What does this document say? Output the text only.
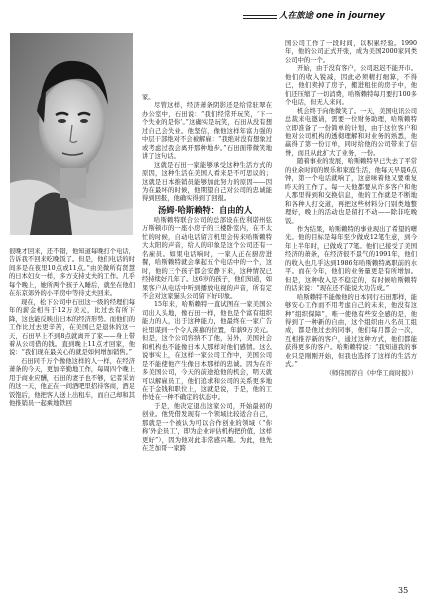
人在旅途 one in journey

很晚才回来，还不错，他知道每晚打个电话，告诉我不回来吃晚饭了。但是，他们电话的时间多是在夜里10点或11点。”由美微所有贤慧的日本妇女一样，多方支持丈夫的工作。几乎每个晚上，她所两个孩子入睡后，就坐在他们在东京郊外的小平房中等待丈夫回来。

现在，松下公司中石田这一级的经理们每年的薪金相当于12万美元，比过去有所下降，这也能反映出日本的经济形势。而他们的工作比过去更辛苦，在美国已是退休的这一天，石田早上不到8点就离开了家——身上带着从公司借的钱。直到晚上11点才回家，他说：“我们现在最关心的就是如何增加销售。”

石田同千万个像他这样的人一样，在经济萧条的今天，更加辛勤地工作，每周四个晚上用于商业应酬，石田的妻子也不够，记者采访的这一天，他正在一间酒吧里招待客商，酒足饭饱后，他把客人送上出租车，而自己却和其他推销员一起乘地铁回

家。

尽管这样，经济萧条阴影还是给常驻翠在办公室中，石田说：“我们经常开玩笑，‘下一个失业的是你’。”这确实是玩笑，石田从没有想过自己会失业。他坚信，像他这样年富力强的中层干部绝对不会被解雇：“我绝对没有想象过或考虑过我会离开那种地步。”石田面带微笑地讲了这句话。

这就是石田一家能够承受这种生活方式的原因，这种生活在美国人看来是不可思议的；这就是日本推销员能够加此努力的原因——因为在最坏的时候，他期望自己对公司的忠诚能得到回报，他确实得到了回报。

汤姆·哈斯赖特：自由的人

哈斯赖特联合公司的总部设在佐利诺州弦万斯顿市的一座小房子的三楼卧室内，在不太忙的时候，自动电话留言机里会传来哈斯赖特大太阳的声音，给人的印象是这个公司还有一名雇员。如果电话响时，一家人正在厨房进餐，哈斯赖特就会拿起五个电话中的一个，这时，他的三个孩子都会安静下来，这种情况已经持续好几年了。这6岁的孩子，他们知道，如果客户从电话中听到播放电视的声音，所有定不会对这家猫头公司留下好印象。

15年来，哈斯赖特一直试图在一家美国公司出人头地，像石田一样，他也是个富有组织能力的人，出于这种能力，他最终在一家广告社里谋到一个令人羡慕的位置，年薪9万美元。但是，这个公司容纳不了他，另外，美国社会和机构也不能像日本人那样对他们感情。这么说事实上，在这样一家公司工作中，美国公司是不能使他产生像日本那样的忠诚。因为在许多美国公司，今天的前途抢他的机会，明天就可以解雇员工，他们追求和公司的关系更多地在于金钱和职位上，这就是说，于是，他的工作处在一种不确定的状态中。

于是，他决定退出这家公司，开始最初的创业。他凭借发现有一个领域比较适合自己，那就是一个被认为可以合作创业的领域（“你称‘外企员工’，即为企业评估机构把价值，这样更好”），因为他对此非常感兴趣。为此，他先在芝加哥一家跨

国公司工作了一段时间，以积累经验。1990年，他的公司正式开张，成为美国2000家同类公司中的一个。

开始，由于没有客户，公司迟迟不能开市。他们的收入锐减，因此必须精打细算，不得已，他们卖掉了房子，搬进租住的房子中，他们还压缩了一切消费，哈斯赖特每月要打100多个电话，但无人来问。

机会终于向他微笑了。一天，美国电讯公司总裁来电邀请，需要一位财务助理，哈斯赖特立即准备了一份简单的计划，由于这位客户和他对公司机构的透彻理解和对业务的熟悉，他赢得了第一份订单，同时给他的公司带来了信誉，而且从此扩大了业务，一份。

随着事业的发展，哈斯赖特早已失去了平常的业余时间的娱乐和家庭生活，他每天早晨6点钟，第一个电话就响了，这意味着他又要重复昨天的工作了。每一天他都要从许多客户和他人那里得到和交换信息，他的工作就是不断地和各种人打交道，再把这些材料分门别类地整理好，晚上的活动也是留打不动——除非吃晚饭。

作为结果，哈斯赖特的事业现出了希望的曙光。他的目标是每年至少做成12笔生意，到今年上半年时，已做成了7笔。他们已接受了美国经济的萧条，在经济很不景气的1991年，他们的收入也几乎达到1986年哈斯赖特离职前的水平。而在今年，他们的业务量更是有所增加。但是，这种收入是不稳定的，有时候哈斯赖特的话来说：“现在还不能说大功告成。”

哈斯赖特不能像他的日本同行石田那样，能够安心工作而不用考虑自己的未来，他没有这种“组织保障”，唯一使他有些安全感的是，他得到了一种新的自由，这个组织由八名员工组成，都是他过去的同事，他们每月都会一次，互相推荐新的客户，通过这种方式，他们都能获得更多的客户。哈斯赖特说：“我知道我的事业只是刚刚开始，但我也选择了这样的生活方式。”

（师伟国荐自《中华工商时报》）

35
